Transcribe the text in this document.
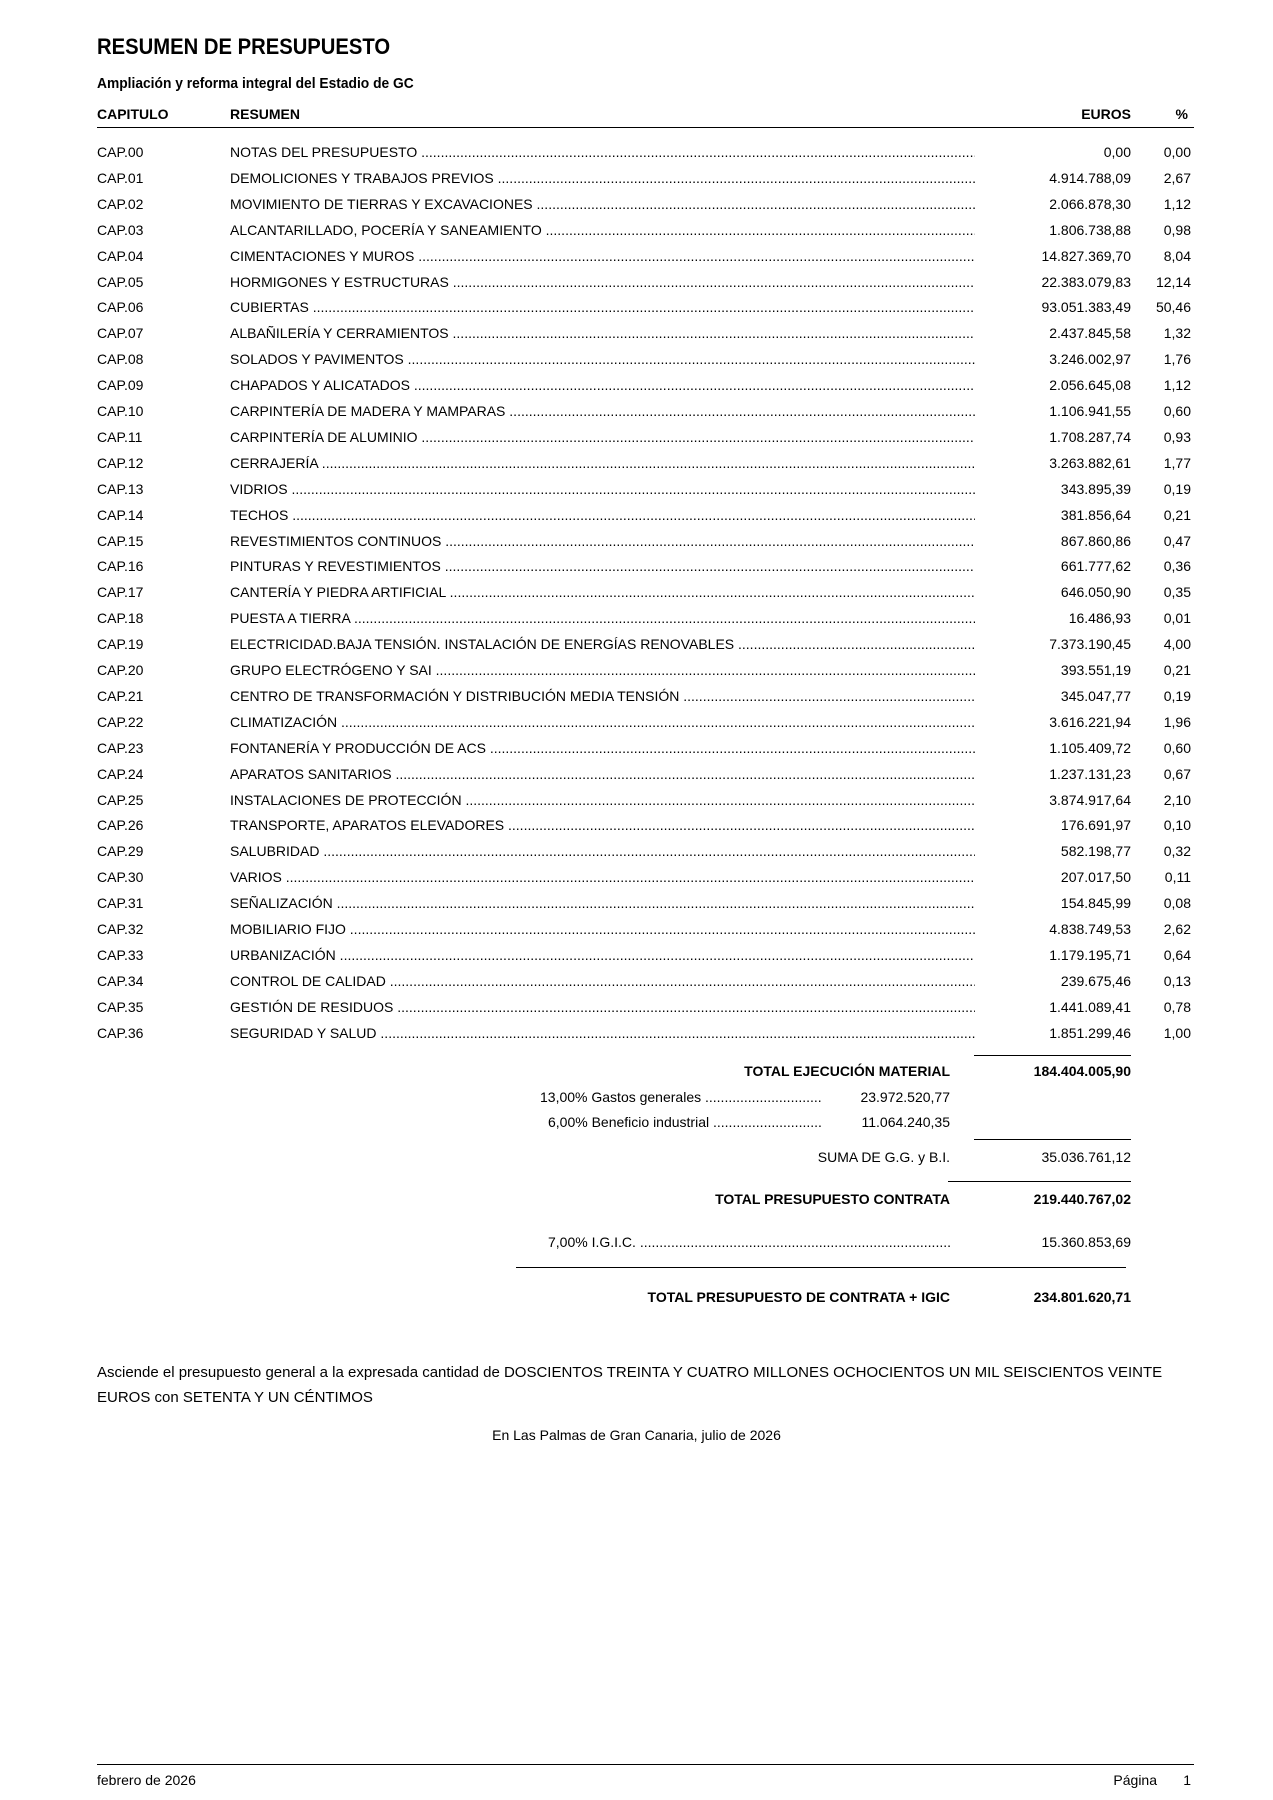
RESUMEN DE PRESUPUESTO
Ampliación y reforma integral del Estadio de GC
CAPITULO	RESUMEN	EUROS	%
CAP.00	NOTAS DEL PRESUPUESTO .....	0,00 0,00
CAP.01	DEMOLICIONES Y TRABAJOS PREVIOS .....	4.914.788,09 2,67
CAP.02	MOVIMIENTO DE TIERRAS Y EXCAVACIONES .....	2.066.878,30 1,12
CAP.03	ALCANTARILLADO, POCERÍA Y SANEAMIENTO .....	1.806.738,88 0,98
CAP.04	CIMENTACIONES Y MUROS .....	14.827.369,70 8,04
CAP.05	HORMIGONES Y ESTRUCTURAS .....	22.383.079,83 12,14
CAP.06	CUBIERTAS .....	93.051.383,49 50,46
CAP.07	ALBAÑILERÍA Y CERRAMIENTOS .....	2.437.845,58 1,32
CAP.08	SOLADOS Y PAVIMENTOS .....	3.246.002,97 1,76
CAP.09	CHAPADOS Y ALICATADOS .....	2.056.645,08 1,12
CAP.10	CARPINTERÍA DE MADERA Y MAMPARAS .....	1.106.941,55 0,60
CAP.11	CARPINTERÍA DE ALUMINIO .....	1.708.287,74 0,93
CAP.12	CERRAJERÍA .....	3.263.882,61 1,77
CAP.13	VIDRIOS .....	343.895,39 0,19
CAP.14	TECHOS .....	381.856,64 0,21
CAP.15	REVESTIMIENTOS CONTINUOS .....	867.860,86 0,47
CAP.16	PINTURAS Y REVESTIMIENTOS .....	661.777,62 0,36
CAP.17	CANTERÍA Y PIEDRA ARTIFICIAL .....	646.050,90 0,35
CAP.18	PUESTA A TIERRA .....	16.486,93 0,01
CAP.19	ELECTRICIDAD.BAJA TENSIÓN. INSTALACIÓN DE ENERGÍAS RENOVABLES .....	7.373.190,45 4,00
CAP.20	GRUPO ELECTRÓGENO Y SAI .....	393.551,19 0,21
CAP.21	CENTRO DE TRANSFORMACIÓN Y DISTRIBUCIÓN MEDIA TENSIÓN .....	345.047,77 0,19
CAP.22	CLIMATIZACIÓN .....	3.616.221,94 1,96
CAP.23	FONTANERÍA Y PRODUCCIÓN DE ACS .....	1.105.409,72 0,60
CAP.24	APARATOS SANITARIOS .....	1.237.131,23 0,67
CAP.25	INSTALACIONES DE PROTECCIÓN .....	3.874.917,64 2,10
CAP.26	TRANSPORTE, APARATOS ELEVADORES .....	176.691,97 0,10
CAP.29	SALUBRIDAD .....	582.198,77 0,32
CAP.30	VARIOS .....	207.017,50 0,11
CAP.31	SEÑALIZACIÓN .....	154.845,99 0,08
CAP.32	MOBILIARIO FIJO .....	4.838.749,53 2,62
CAP.33	URBANIZACIÓN .....	1.179.195,71 0,64
CAP.34	CONTROL DE CALIDAD .....	239.675,46 0,13
CAP.35	GESTIÓN DE RESIDUOS .....	1.441.089,41 0,78
CAP.36	SEGURIDAD Y SALUD .....	1.851.299,46 1,00
TOTAL EJECUCIÓN MATERIAL	184.404.005,90
13,00% Gastos generales .....	23.972.520,77
6,00% Beneficio industrial .....	11.064.240,35
SUMA DE G.G. y B.I.	35.036.761,12
TOTAL PRESUPUESTO CONTRATA	219.440.767,02
7,00% I.G.I.C. .....	15.360.853,69
TOTAL PRESUPUESTO DE CONTRATA + IGIC	234.801.620,71
Asciende el presupuesto general a la expresada cantidad de DOSCIENTOS TREINTA Y CUATRO MILLONES OCHOCIENTOS UN MIL SEISCIENTOS VEINTE EUROS con SETENTA Y UN CÉNTIMOS
En Las Palmas de Gran Canaria, julio de 2026
febrero de 2026	Página 1
